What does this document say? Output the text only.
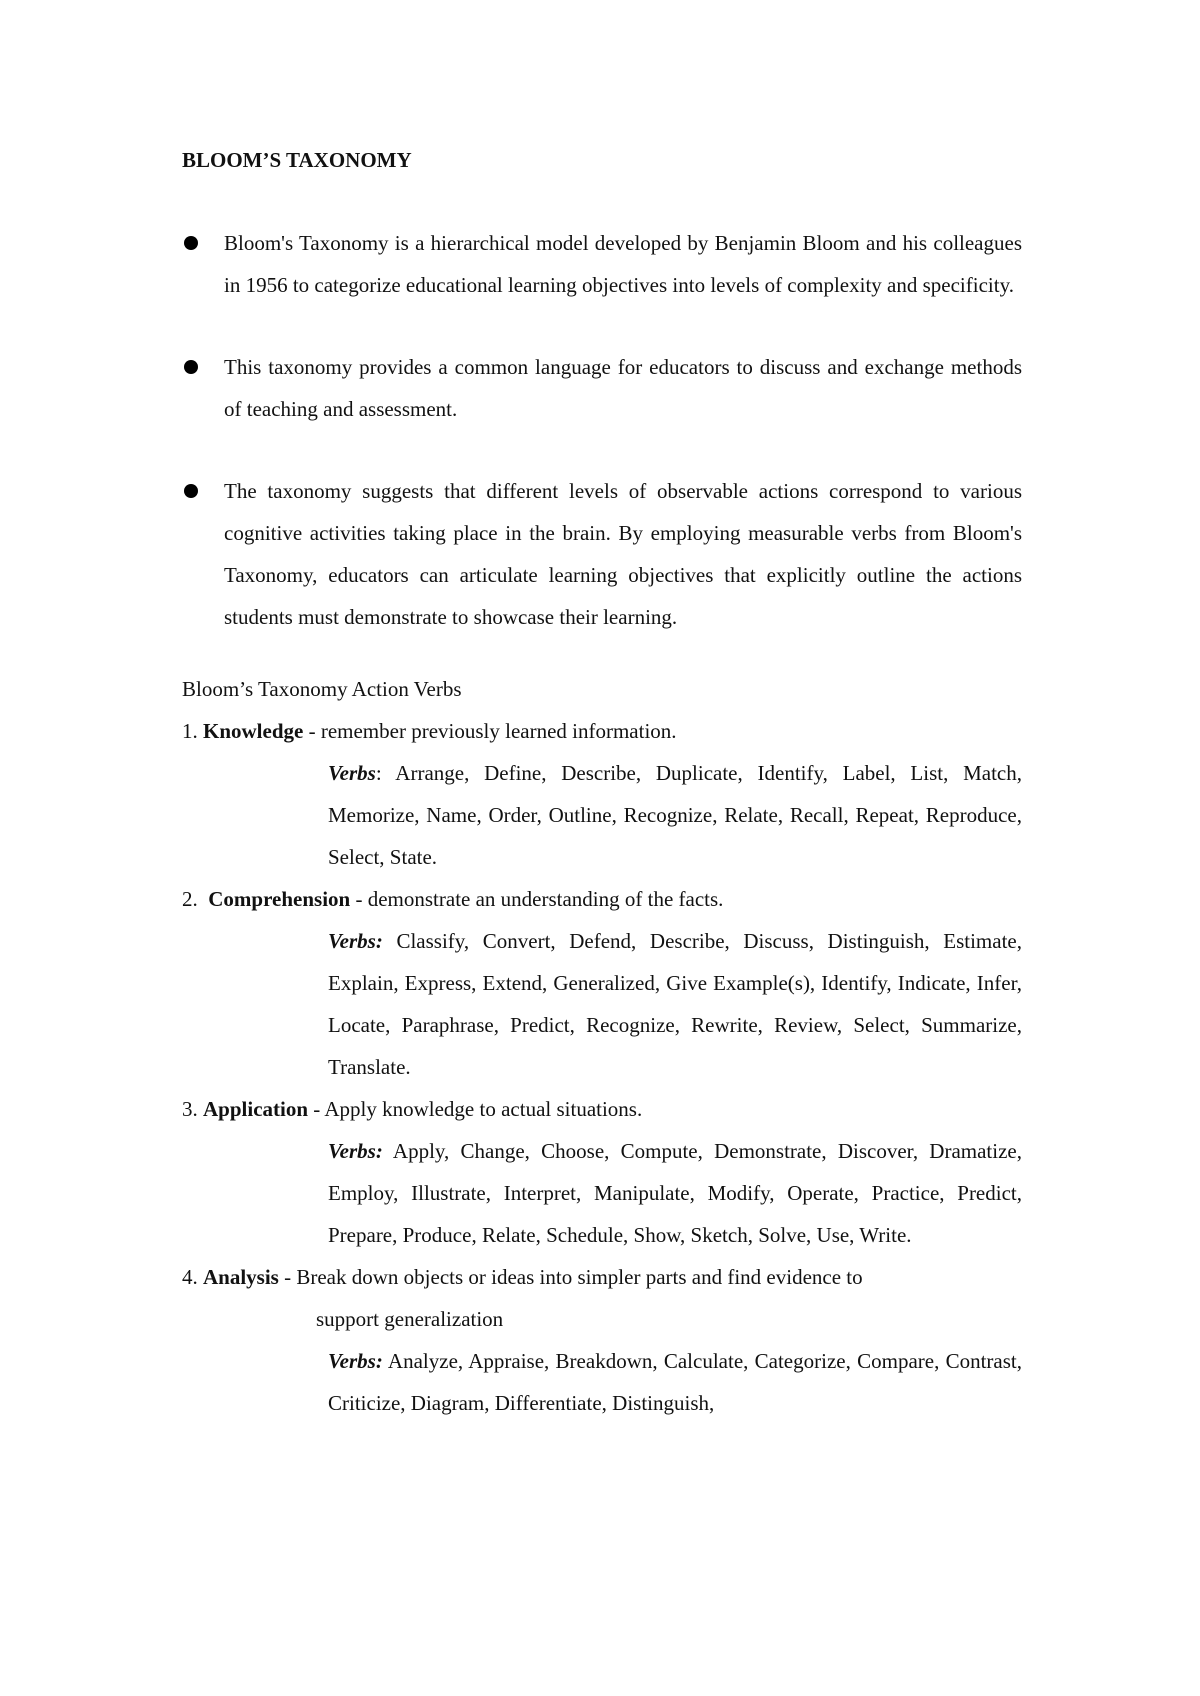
BLOOM’S TAXONOMY
Bloom's Taxonomy is a hierarchical model developed by Benjamin Bloom and his colleagues in 1956 to categorize educational learning objectives into levels of complexity and specificity.
This taxonomy provides a common language for educators to discuss and exchange methods of teaching and assessment.
The taxonomy suggests that different levels of observable actions correspond to various cognitive activities taking place in the brain. By employing measurable verbs from Bloom's Taxonomy, educators can articulate learning objectives that explicitly outline the actions students must demonstrate to showcase their learning.
Bloom’s Taxonomy Action Verbs
1. Knowledge - remember previously learned information.
Verbs: Arrange, Define, Describe, Duplicate, Identify, Label, List, Match, Memorize, Name, Order, Outline, Recognize, Relate, Recall, Repeat, Reproduce, Select, State.
2. Comprehension - demonstrate an understanding of the facts.
Verbs: Classify, Convert, Defend, Describe, Discuss, Distinguish, Estimate, Explain, Express, Extend, Generalized, Give Example(s), Identify, Indicate, Infer, Locate, Paraphrase, Predict, Recognize, Rewrite, Review, Select, Summarize, Translate.
3. Application - Apply knowledge to actual situations.
Verbs: Apply, Change, Choose, Compute, Demonstrate, Discover, Dramatize, Employ, Illustrate, Interpret, Manipulate, Modify, Operate, Practice, Predict, Prepare, Produce, Relate, Schedule, Show, Sketch, Solve, Use, Write.
4. Analysis - Break down objects or ideas into simpler parts and find evidence to
support generalization
Verbs: Analyze, Appraise, Breakdown, Calculate, Categorize, Compare, Contrast, Criticize, Diagram, Differentiate, Distinguish,
